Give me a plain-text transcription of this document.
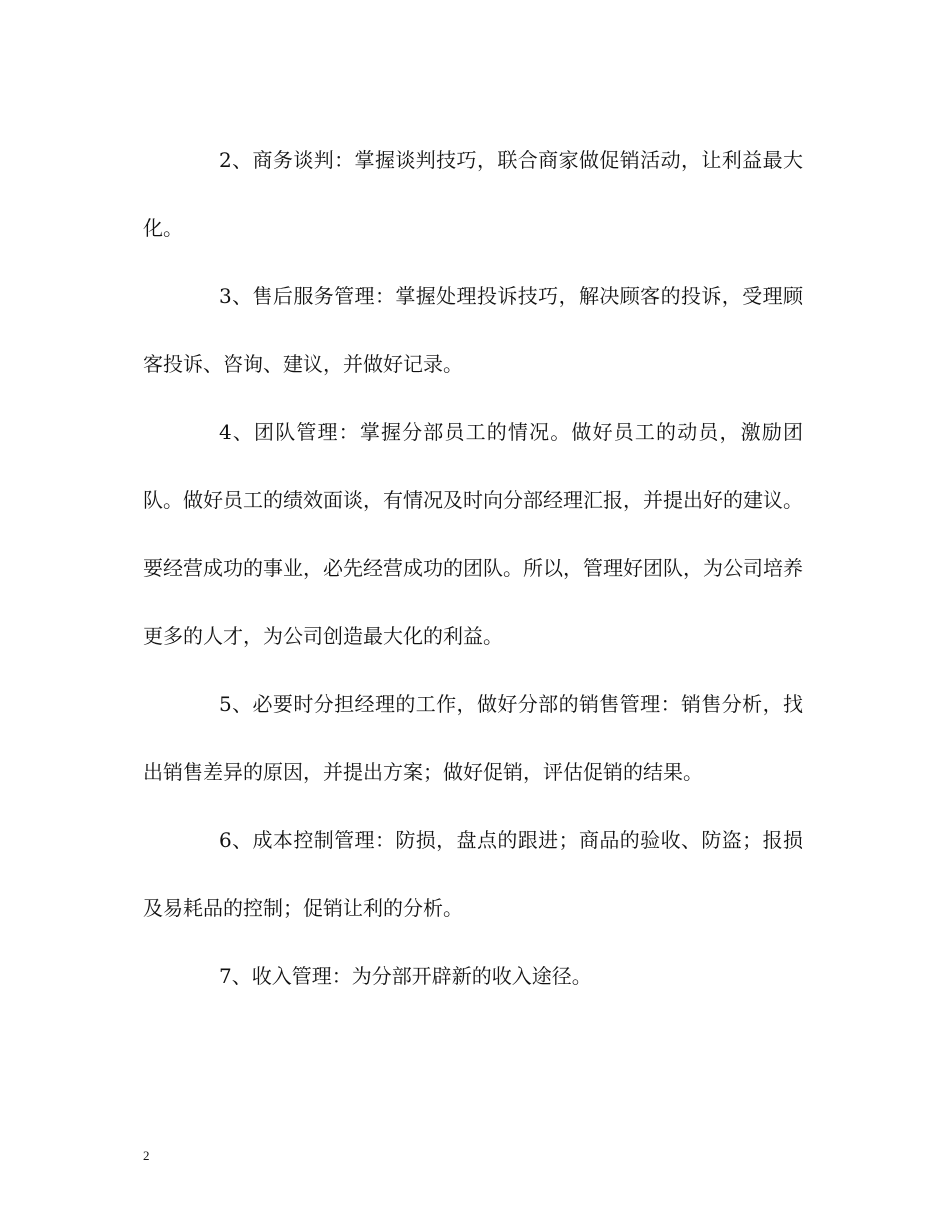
2、商务谈判：掌握谈判技巧，联合商家做促销活动，让利益最大化。

3、售后服务管理：掌握处理投诉技巧，解决顾客的投诉，受理顾客投诉、咨询、建议，并做好记录。

4、团队管理：掌握分部员工的情况。做好员工的动员，激励团队。做好员工的绩效面谈，有情况及时向分部经理汇报，并提出好的建议。要经营成功的事业，必先经营成功的团队。所以，管理好团队，为公司培养更多的人才，为公司创造最大化的利益。

5、必要时分担经理的工作，做好分部的销售管理：销售分析，找出销售差异的原因，并提出方案；做好促销，评估促销的结果。

6、成本控制管理：防损，盘点的跟进；商品的验收、防盗；报损及易耗品的控制；促销让利的分析。

7、收入管理：为分部开辟新的收入途径。

2
